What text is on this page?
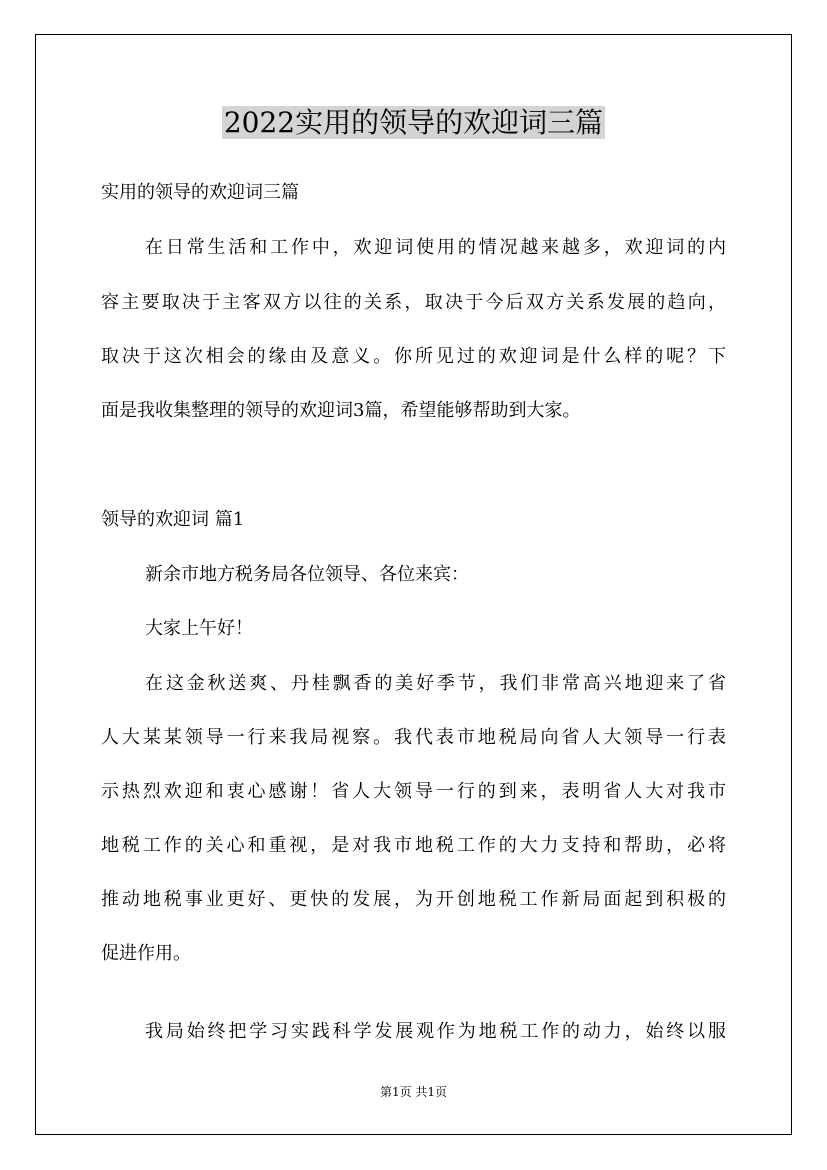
2022实用的领导的欢迎词三篇
实用的领导的欢迎词三篇
在日常生活和工作中，欢迎词使用的情况越来越多，欢迎词的内
容主要取决于主客双方以往的关系，取决于今后双方关系发展的趋向，
取决于这次相会的缘由及意义。你所见过的欢迎词是什么样的呢？下
面是我收集整理的领导的欢迎词3篇，希望能够帮助到大家。
领导的欢迎词 篇1
新余市地方税务局各位领导、各位来宾：
大家上午好！
在这金秋送爽、丹桂飘香的美好季节，我们非常高兴地迎来了省
人大某某领导一行来我局视察。我代表市地税局向省人大领导一行表
示热烈欢迎和衷心感谢！省人大领导一行的到来，表明省人大对我市
地税工作的关心和重视，是对我市地税工作的大力支持和帮助，必将
推动地税事业更好、更快的发展，为开创地税工作新局面起到积极的
促进作用。
我局始终把学习实践科学发展观作为地税工作的动力，始终以服
第1页 共1页
